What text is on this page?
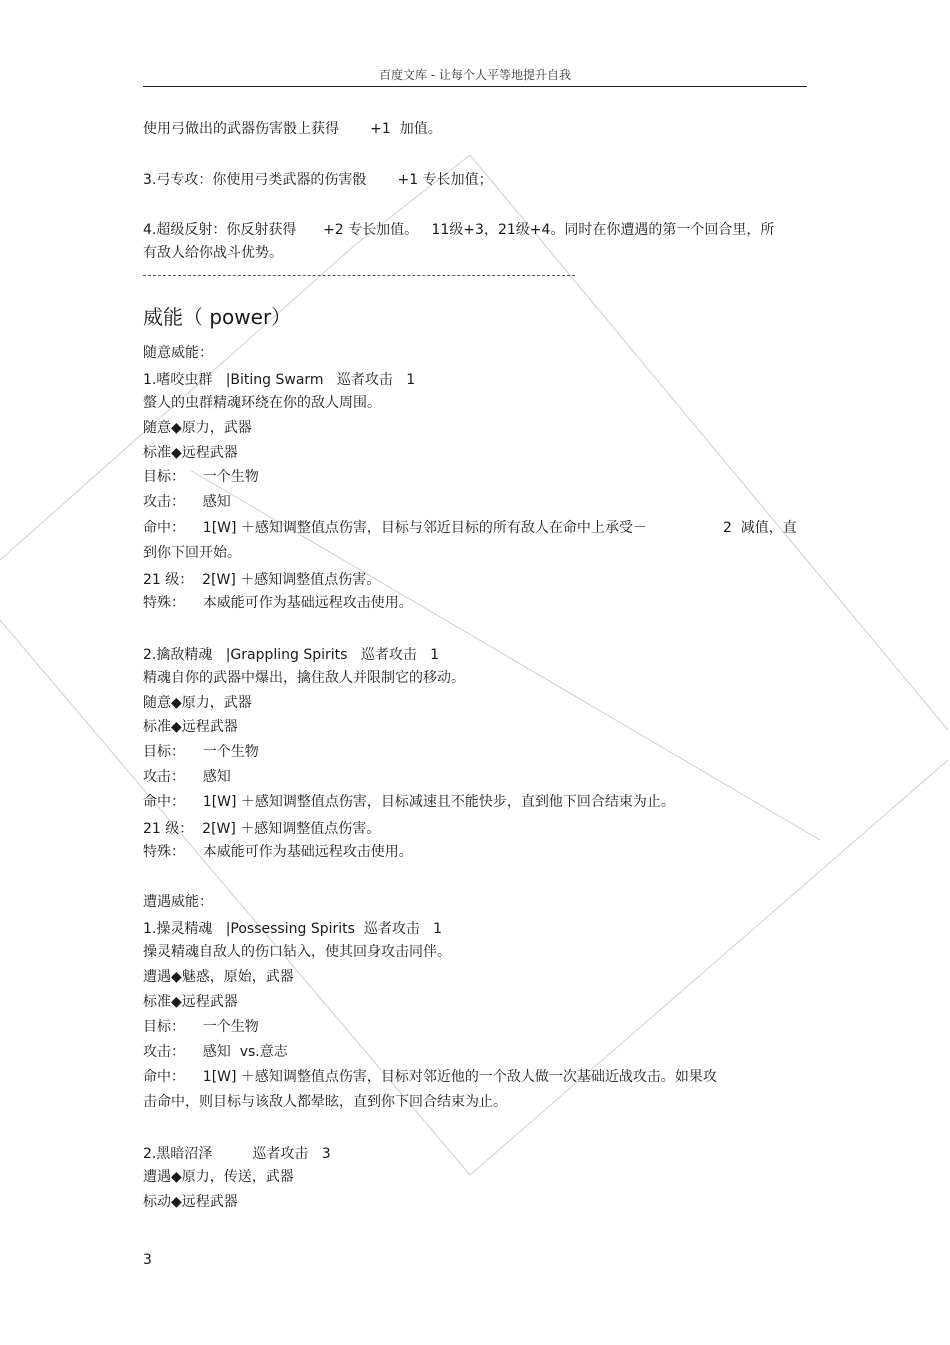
百度文库 - 让每个人平等地提升自我
使用弓做出的武器伤害骰上获得       +1  加值。
3.弓专攻：你使用弓类武器的伤害骰       +1 专长加值；
4.超级反射：你反射获得      +2 专长加值。   11级+3，21级+4。同时在你遭遇的第一个回合里，所
有敌人给你战斗优势。
威能（ power）
随意威能：
1.嗜咬虫群   |Biting Swarm   巡者攻击   1
螫人的虫群精魂环绕在你的敌人周围。
随意◆原力，武器
标准◆远程武器
目标：    一个生物
攻击：    感知
命中：    1[W] ＋感知调整值点伤害，目标与邻近目标的所有敌人在命中上承受－	2  减值，直
到你下回开始。
21 级：  2[W] ＋感知调整值点伤害。
特殊：    本威能可作为基础远程攻击使用。
2.擒敌精魂   |Grappling Spirits   巡者攻击   1
精魂自你的武器中爆出，擒住敌人并限制它的移动。
随意◆原力，武器
标准◆远程武器
目标：    一个生物
攻击：    感知
命中：    1[W] ＋感知调整值点伤害，目标减速且不能快步，直到他下回合结束为止。
21 级：  2[W] ＋感知调整值点伤害。
特殊：    本威能可作为基础远程攻击使用。
遭遇威能：
1.操灵精魂   |Possessing Spirits  巡者攻击   1
操灵精魂自敌人的伤口钻入，使其回身攻击同伴。
遭遇◆魅惑，原始，武器
标准◆远程武器
目标：    一个生物
攻击：    感知  vs.意志
命中：    1[W] ＋感知调整值点伤害，目标对邻近他的一个敌人做一次基础近战攻击。如果攻
击命中，则目标与该敌人都晕眩，直到你下回合结束为止。
2.黑暗沼泽         巡者攻击   3
遭遇◆原力，传送，武器
标动◆远程武器
3
